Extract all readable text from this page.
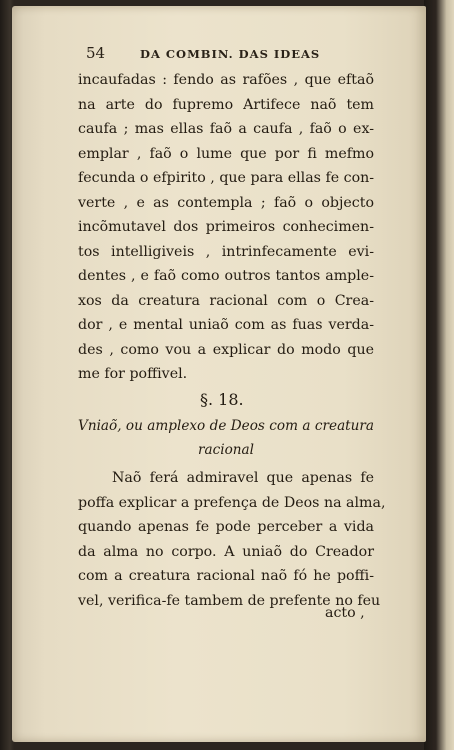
54	DA COMBIN. DAS IDEAS
incaufadas : fendo as rafões , que eftaõ
na arte do fupremo Artifece naõ tem
caufa ; mas ellas faõ a caufa , faõ o ex-
emplar , faõ o lume que por fi mefmo
fecunda o efpirito , que para ellas fe con-
verte , e as contempla ; faõ o objecto
incõmutavel dos primeiros conhecimen-
tos intelligiveis , intrinfecamente evi-
dentes , e faõ como outros tantos ample-
xos da creatura racional com o Crea-
dor , e mental uniaõ com as fuas verda-
des , como vou a explicar do modo que
me for poffivel.
§. 18.
Vniaõ, ou amplexo de Deos com a creatura
racional
Naõ ferá admiravel que apenas fe
poffa explicar a prefença de Deos na alma,
quando apenas fe pode perceber a vida
da alma no corpo. A uniaõ do Creador
com a creatura racional naõ fó he poffi-
vel, verifica-fe tambem de prefente no feu
acto ,
